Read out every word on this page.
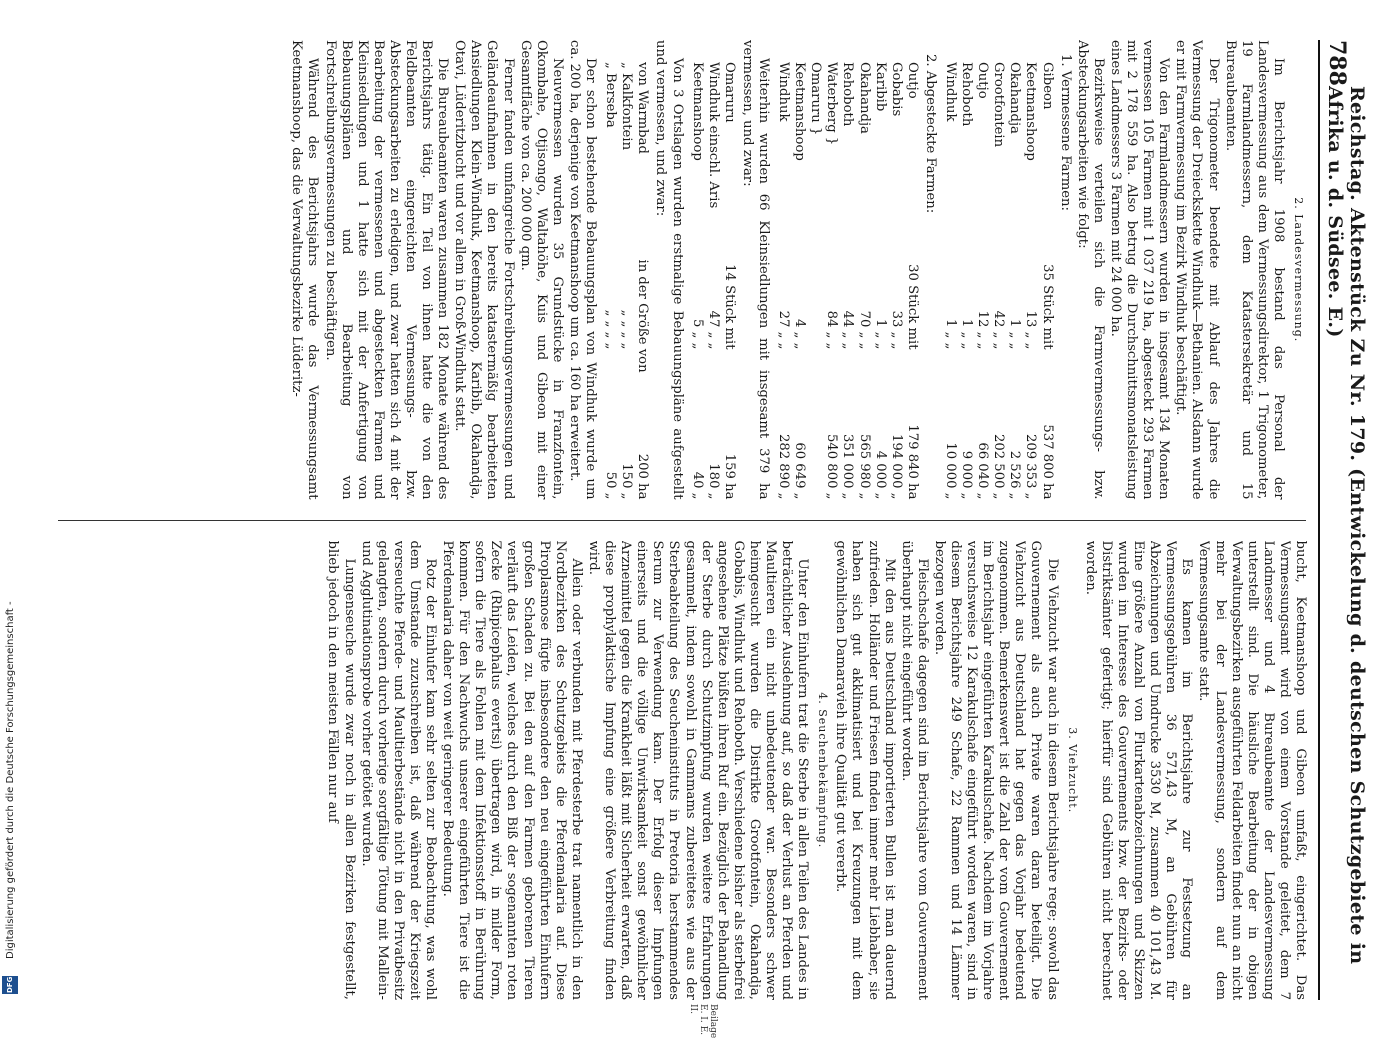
Digitalisierung gefördert durch die Deutsche Forschungsgemeinschaft -
DFG
788
Reichstag. Aktenstück Zu Nr. 179. (Entwickelung d. deutschen Schutzgebiete in Afrika u. d. Südsee. E.)
2. Landesvermessung.

Im Berichtsjahr 1908 bestand das Personal der Landesvermessung aus dem Vermessungsdirektor, 1 Trigonometer, 19 Farmlandmessern, dem Katastersekretär und 15 Bureaubeamten.

Der Trigonometer beendete mit Ablauf des Jahres die Vermessung der Dreieckskette Windhuk—Bethanien. Alsdann wurde er mit Farmvermessung im Bezirk Windhuk beschäftigt.

Von den Farmlandmessern wurden in insgesamt 134 Monaten vermessen 105 Farmen mit 1 037 219 ha, abgesteckt 293 Farmen mit 2 178 559 ha. Also betrug die Durchschnittsmonatsleistung eines Landmessers 3 Farmen mit 24 000 ha.

Bezirksweise verteilen sich die Farmvermessungs- bzw. Absteckungsarbeiten wie folgt:

1. Vermessene Farmen:

Gibeon
35 Stück mit
537 800 ha
Keetmanshoop
13 „ „
209 353 „
Okahandja
1 „ „
2 526 „
Grootfontein
42 „ „
202 500 „
Outjo
12 „ „
66 040 „
Rehoboth
1 „ „
9 000 „
Windhuk
1 „ „
10 000 „

2. Abgesteckte Farmen:

Outjo
30 Stück mit
179 840 ha
Gobabis
33 „ „
194 000 „
Karibib
1 „ „
4 000 „
Okahandja
70 „ „
565 980 „
Rehoboth
44 „ „
351 000 „
Waterberg }
84 „ „
540 800 „
Omaruru }
Keetmanshoop
4 „ „
60 649 „
Windhuk
27 „ „
282 890 „

Weiterhin wurden 66 Kleinsiedlungen mit insgesamt 379 ha vermessen, und zwar:

Omaruru
14 Stück mit
159 ha
Windhuk einschl. Aris
47 „ „
180 „
Keetmanshoop
5 „ „
40 „

Von 3 Ortslagen wurden erstmalige Bebauungspläne aufgestellt und vermessen, und zwar:

von Warmbad
in der Größe von
200 ha
„ Kalkfontein
„ „ „ „
150 „
„ Berseba
„ „ „ „
50 „

Der schon bestehende Bebauungsplan von Windhuk wurde um ca. 200 ha, derjenige von Keetmanshoop um ca. 160 ha erweitert.

Neuvermessen wurden 35 Grundstücke in Franzfontein, Okombahe, Otjisongo, Waltahöhe, Kuis und Gibeon mit einer Gesamtfläche von ca. 200 000 qm.

Ferner fanden umfangreiche Fortschreibungsvermessungen und Geländeaufnahmen in den bereits katastermäßig bearbeiteten Ansiedlungen Klein-Windhuk, Keetmanshoop, Karibib, Okahandja, Otavi, Lüderitzbucht und vor allem in Groß-Windhuk statt.

Die Bureaubeamten waren zusammen 182 Monate während des Berichtsjahrs tätig. Ein Teil von ihnen hatte die von den Feldbeamten eingereichten Vermessungs- bzw. Absteckungsarbeiten zu erledigen, und zwar hatten sich 4 mit der Bearbeitung der vermessenen und abgesteckten Farmen und Kleinsiedlungen und 1 hatte sich mit der Anfertigung von Bebauungsplänen und Bearbeitung von Fortschreibungsvermessungen zu beschäftigen.

Während des Berichtsjahrs wurde das Vermessungsamt Keetmanshoop, das die Verwaltungsbezirke Lüderitz-

bucht, Keetmanshoop und Gibeon umfaßt, eingerichtet. Das Vermessungsamt wird von einem Vorstande geleitet, dem 7 Landmesser und 4 Bureaubeamte der Landesvermessung unterstellt sind. Die häusliche Bearbeitung der in obigen Verwaltungsbezirken ausgeführten Feldarbeiten findet nun an nicht mehr bei der Landesvermessung, sondern auf dem Vermessungsamte statt.

Es kamen im Berichtsjahre zur Festsetzung an Vermessungsgebühren 36 571,43 M, an Gebühren für Abzeichnungen und Umdrucke 3530 M, zusammen 40 101,43 M. Eine größere Anzahl von Flurkartenabzeichnungen und Skizzen wurden im Interesse des Gouvernements bzw. der Bezirks- oder Distriktsämter gefertigt; hierfür sind Gebühren nicht berechnet worden.

3. Viehzucht.

Die Viehzucht war auch in diesem Berichtsjahre rege; sowohl das Gouvernement als auch Private waren daran beteiligt. Die Viehzucht aus Deutschland hat gegen das Vorjahr bedeutend zugenommen. Bemerkenswert ist die Zahl der vom Gouvernement im Berichtsjahr eingeführten Karakulschafe. Nachdem im Vorjahre versuchsweise 12 Karakulschafe eingeführt worden waren, sind in diesem Berichtsjahre 249 Schafe, 22 Rammen und 14 Lämmer bezogen worden.

Fleischschafe dagegen sind im Berichtsjahre vom Gouvernement überhaupt nicht eingeführt worden.

Mit den aus Deutschland importierten Bullen ist man dauernd zufrieden. Holländer und Friesen finden immer mehr Liebhaber, sie haben sich gut akklimatisiert und bei Kreuzungen mit dem gewöhnlichen Damaravieh ihre Qualität gut vererbt.

4. Seuchenbekämpfung.

Unter den Einhufern trat die Sterbe in allen Teilen des Landes in beträchtlicher Ausdehnung auf, so daß der Verlust an Pferden und Maultieren ein nicht unbedeutender war. Besonders schwer heimgesucht wurden die Distrikte Grootfontein, Okahandja, Gobabis, Windhuk und Rehoboth. Verschiedene bisher als sterbefrei angesehene Plätze büßten ihren Ruf ein. Bezüglich der Behandlung der Sterbe durch Schutzimpfung wurden weitere Erfahrungen gesammelt, indem sowohl in Gammams zubereitetes wie aus der Sterbeabteilung des Seucheninstituts in Pretoria herstammendes Serum zur Verwendung kam. Der Erfolg dieser Impfungen einerseits und die völlige Unwirksamkeit sonst gewöhnlicher Arzneimittel gegen die Krankheit läßt mit Sicherheit erwarten, daß diese prophylaktische Impfung eine größere Verbreitung finden wird.

Allein oder verbunden mit Pferdesterbe trat namentlich in den Nordbezirken des Schutzgebiets die Pferdemalaria auf. Diese Piroplasmose fügte insbesondere den neu eingeführten Einhufern großen Schaden zu. Bei den auf den Farmen geborenen Tieren verläuft das Leiden, welches durch den Biß der sogenannten roten Zecke (Rhipicephalus evertsi) übertragen wird, in milder Form, sofern die Tiere als Fohlen mit dem Infektionsstoff in Berührung kommen. Für den Nachwuchs unserer eingeführten Tiere ist die Pferdemalaria daher von weit geringerer Bedeutung.

Rotz der Einhufer kam sehr selten zur Beobachtung, was wohl dem Umstande zuzuschreiben ist, daß während der Kriegszeit verseuchte Pferde- und Maultierbestände nicht in den Privatbesitz gelangten, sondern durch vorherige sorgfältige Tötung mit Mallein- und Agglutinationsprobe vorher getötet wurden.

Lungenseuche wurde zwar noch in allen Bezirken festgestellt, blieb jedoch in den meisten Fällen nur auf

Beilage E. I. E. II.
